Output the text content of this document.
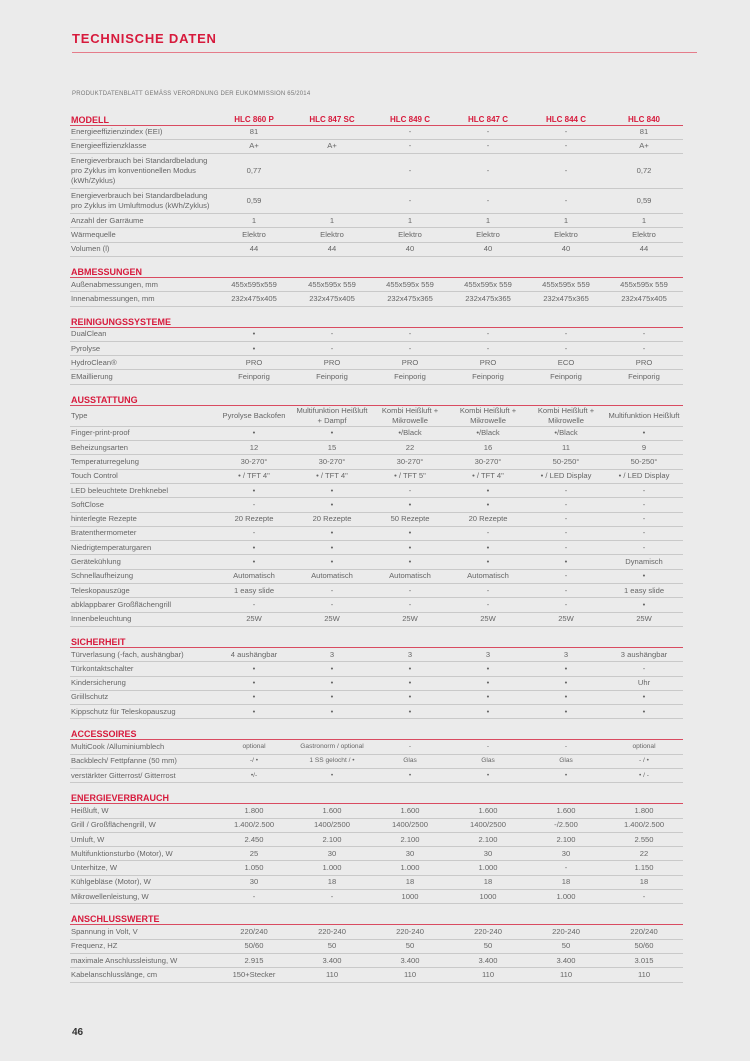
TECHNISCHE DATEN
PRODUKTDATENBLATT GEMÄSS VERORDNUNG DER EUKOMMISSION 65/2014
MODELL	HLC 860 P	HLC 847 SC	HLC 849 C	HLC 847 C	HLC 844 C	HLC 840
Energieeffizienzindex (EEI)	81		-	-	-	81
Energieeffizienzklasse	A+	A+	-	-	-	A+
Energieverbrauch bei Standardbeladung pro Zyklus im konventionellen Modus (kWh/Zyklus)	0,77		-	-	-	0,72
Energieverbrauch bei Standardbeladung pro Zyklus im Umluftmodus (kWh/Zyklus)	0,59		-	-	-	0,59
Anzahl der Garräume	1	1	1	1	1	1
Wärmequelle	Elektro	Elektro	Elektro	Elektro	Elektro	Elektro
Volumen (l)	44	44	40	40	40	44

ABMESSUNGEN						
Außenabmessungen, mm	455x595x559	455x595x 559	455x595x 559	455x595x 559	455x595x 559	455x595x 559
Innenabmessungen, mm	232x475x405	232x475x405	232x475x365	232x475x365	232x475x365	232x475x405

REINIGUNGSSYSTEME						
DualClean	•	-	-	-	-	-
Pyrolyse	•	-	-	-	-	-
HydroClean®	PRO	PRO	PRO	PRO	ECO	PRO
EMaillierung	Feinporig	Feinporig	Feinporig	Feinporig	Feinporig	Feinporig

AUSSTATTUNG						
Type	Pyrolyse Backofen	Multifunktion Heißluft + Dampf	Kombi Heißluft + Mikrowelle	Kombi Heißluft + Mikrowelle	Kombi Heißluft + Mikrowelle	Multifunktion Heißluft
Finger-print-proof	•	•	•/Black	•/Black	•/Black	•
Beheizungsarten	12	15	22	16	11	9
Temperaturregelung	30-270°	30-270°	30-270°	30-270°	50-250°	50-250°
Touch Control	• / TFT 4"	• / TFT 4"	• / TFT 5"	• / TFT 4"	• / LED Display	• / LED Display
LED beleuchtete Drehknebel	•	•	-	•	-	-
SoftClose	-	•	•	•	-	-
hinterlegte Rezepte	20 Rezepte	20 Rezepte	50 Rezepte	20 Rezepte	-	-
Bratenthermometer	-	•	•	-	-	-
Niedrigtemperaturgaren	•	•	•	•	-	-
Gerätekühlung	•	•	•	•	•	Dynamisch
Schnellaufheizung	Automatisch	Automatisch	Automatisch	Automatisch	-	•
Teleskopauszüge	1 easy slide	-	-	-	-	1 easy slide
abklappbarer Großflächengrill	-	-	-	-	-	•
Innenbeleuchtung	25W	25W	25W	25W	25W	25W

SICHERHEIT						
Türverlasung (-fach, aushängbar)	4 aushängbar	3	3	3	3	3 aushängbar
Türkontaktschalter	•	•	•	•	•	-
Kindersicherung	•	•	•	•	•	Uhr
Griillschutz	•	•	•	•	•	•
Kippschutz für Teleskopauszug	•	•	•	•	•	•

ACCESSOIRES						
MultiCook /Alluminiumblech	optional	Gastronorm / optional	-	-	-	optional
Backblech/ Fettpfanne (50 mm)	-/ •	1 SS gelocht / •	Glas	Glas	Glas	- / •
verstärkter Gitterrost/ Gitterrost	•/-	•	•	•	•	• / -

ENERGIEVERBRAUCH						
Heißluft, W	1.800	1.600	1.600	1.600	1.600	1.800
Grill / Großflächengrill, W	1.400/2.500	1400/2500	1400/2500	1400/2500	-/2.500	1.400/2.500
Umluft, W	2.450	2.100	2.100	2.100	2.100	2.550
Multifunktionsturbo (Motor), W	25	30	30	30	30	22
Unterhitze, W	1.050	1.000	1.000	1.000	-	1.150
Kühlgebläse (Motor), W	30	18	18	18	18	18
Mikrowellenleistung, W	-	-	1000	1000	1.000	-

ANSCHLUSSWERTE						
Spannung in Volt, V	220/240	220-240	220-240	220-240	220-240	220/240
Frequenz, HZ	50/60	50	50	50	50	50/60
maximale Anschlussleistung, W	2.915	3.400	3.400	3.400	3.400	3.015
Kabelanschlusslänge, cm	150+Stecker	110	110	110	110	110
46
